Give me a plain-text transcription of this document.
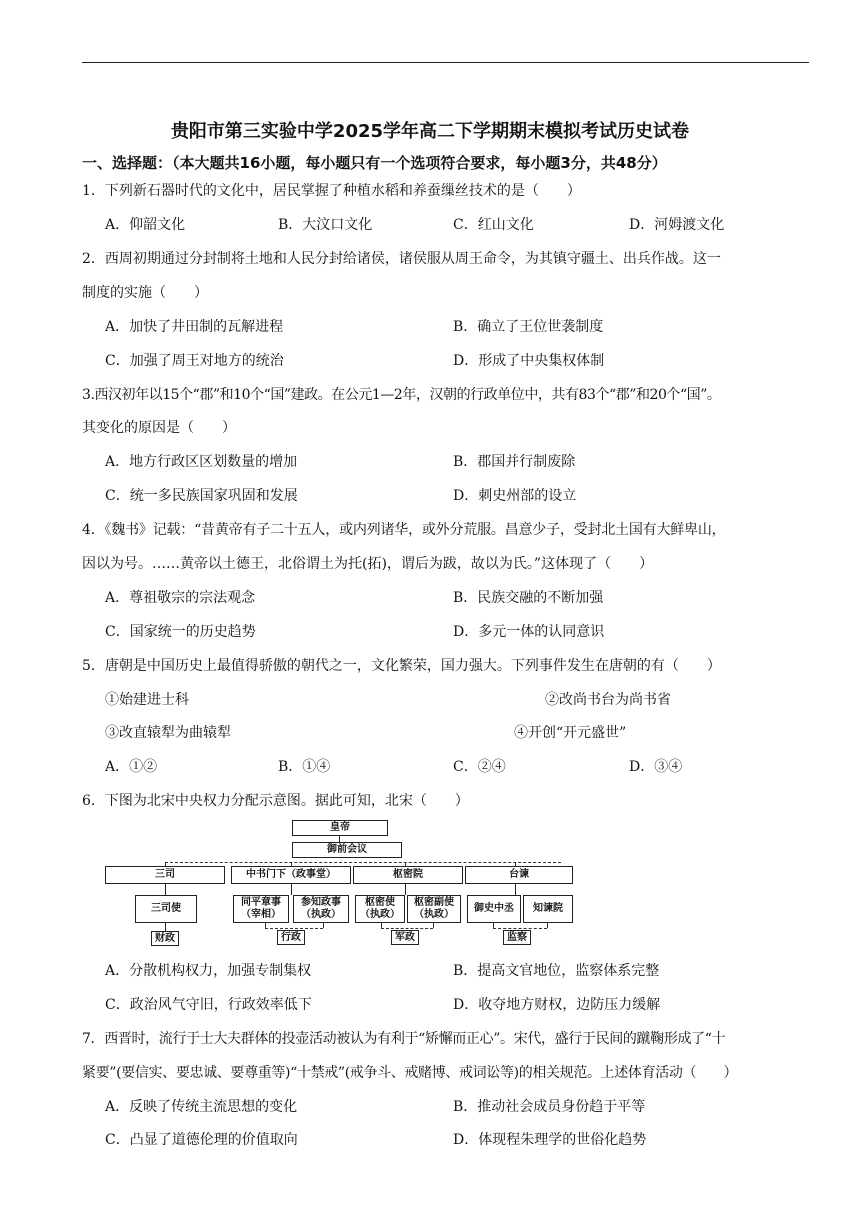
贵阳市第三实验中学2025学年高二下学期期末模拟考试历史试卷
一、选择题：（本大题共16小题，每小题只有一个选项符合要求，每小题3分，共48分）
1．下列新石器时代的文化中，居民掌握了种植水稻和养蚕缫丝技术的是（　　）
A．仰韶文化	B．大汶口文化	C．红山文化	D．河姆渡文化
2．西周初期通过分封制将土地和人民分封给诸侯，诸侯服从周王命令，为其镇守疆土、出兵作战。这一
制度的实施（　　）
A．加快了井田制的瓦解进程	B．确立了王位世袭制度
C．加强了周王对地方的统治	D．形成了中央集权体制
3.西汉初年以15个“郡”和10个“国”建政。在公元1—2年，汉朝的行政单位中，共有83个“郡”和20个“国”。
其变化的原因是（　　）
A．地方行政区区划数量的增加	B．郡国并行制废除
C．统一多民族国家巩固和发展	D．刺史州部的设立
4．《魏书》记载：“昔黄帝有子二十五人，或内列诸华，或外分荒服。昌意少子，受封北土国有大鲜卑山，
因以为号。……黄帝以土德王，北俗谓土为托(拓)，谓后为跋，故以为氏。”这体现了（　　）
A．尊祖敬宗的宗法观念	B．民族交融的不断加强
C．国家统一的历史趋势	D．多元一体的认同意识
5．唐朝是中国历史上最值得骄傲的朝代之一，文化繁荣，国力强大。下列事件发生在唐朝的有（　　）
①始建进士科	②改尚书台为尚书省
③改直辕犁为曲辕犁	④开创“开元盛世”
A．①②	B．①④	C．②④	D．③④
6．下图为北宋中央权力分配示意图。据此可知，北宋（　　）
皇帝
御前会议
三司	中书门下（政事堂）	枢密院	台谏
三司使
同平章事（宰相）
参知政事（执政）
枢密使（执政）
枢密副使（执政）
御史中丞	知谏院
财政	行政	军政	监察
A．分散机构权力，加强专制集权	B．提高文官地位，监察体系完整
C．政治风气守旧，行政效率低下	D．收夺地方财权，边防压力缓解
7．西晋时，流行于士大夫群体的投壶活动被认为有利于“矫懈而正心”。宋代，盛行于民间的蹴鞠形成了“十
紧要”(要信实、要忠诚、要尊重等)“十禁戒”(戒争斗、戒赌博、戒词讼等)的相关规范。上述体育活动（　　）
A．反映了传统主流思想的变化	B．推动社会成员身份趋于平等
C．凸显了道德伦理的价值取向	D．体现程朱理学的世俗化趋势
